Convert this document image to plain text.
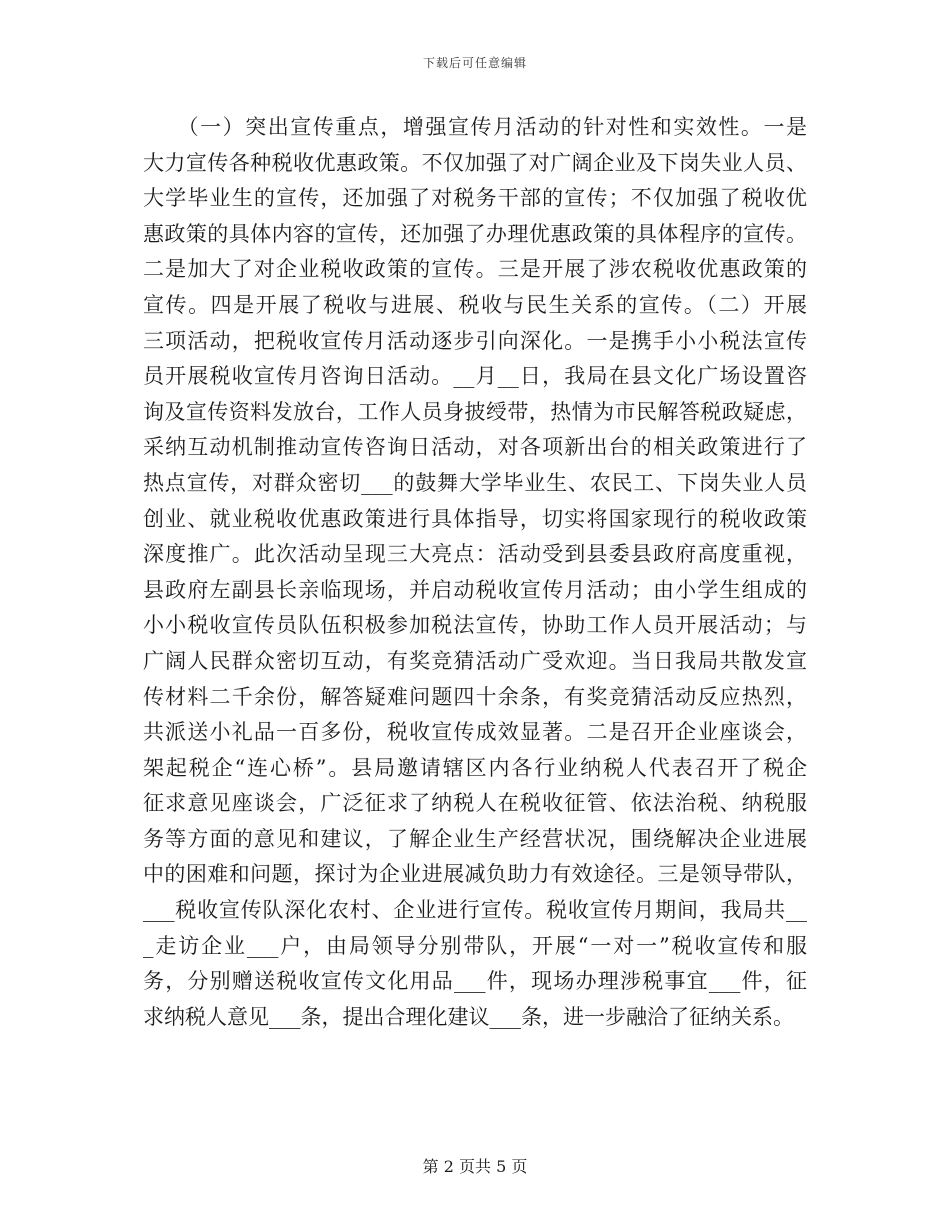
下载后可任意编辑
　　（一）突出宣传重点，增强宣传月活动的针对性和实效性。一是
大力宣传各种税收优惠政策。不仅加强了对广阔企业及下岗失业人员、
大学毕业生的宣传，还加强了对税务干部的宣传；不仅加强了税收优
惠政策的具体内容的宣传，还加强了办理优惠政策的具体程序的宣传。
二是加大了对企业税收政策的宣传。三是开展了涉农税收优惠政策的
宣传。四是开展了税收与进展、税收与民生关系的宣传。（二）开展
三项活动，把税收宣传月活动逐步引向深化。一是携手小小税法宣传
员开展税收宣传月咨询日活动。__月__日，我局在县文化广场设置咨
询及宣传资料发放台，工作人员身披绶带，热情为市民解答税政疑虑，
采纳互动机制推动宣传咨询日活动，对各项新出台的相关政策进行了
热点宣传，对群众密切___的鼓舞大学毕业生、农民工、下岗失业人员
创业、就业税收优惠政策进行具体指导，切实将国家现行的税收政策
深度推广。此次活动呈现三大亮点：活动受到县委县政府高度重视，
县政府左副县长亲临现场，并启动税收宣传月活动；由小学生组成的
小小税收宣传员队伍积极参加税法宣传，协助工作人员开展活动；与
广阔人民群众密切互动，有奖竞猜活动广受欢迎。当日我局共散发宣
传材料二千余份，解答疑难问题四十余条，有奖竞猜活动反应热烈，
共派送小礼品一百多份，税收宣传成效显著。二是召开企业座谈会，
架起税企“连心桥”。县局邀请辖区内各行业纳税人代表召开了税企
征求意见座谈会，广泛征求了纳税人在税收征管、依法治税、纳税服
务等方面的意见和建议，了解企业生产经营状况，围绕解决企业进展
中的困难和问题，探讨为企业进展减负助力有效途径。三是领导带队，
___税收宣传队深化农村、企业进行宣传。税收宣传月期间，我局共__
_走访企业___户，由局领导分别带队，开展“一对一”税收宣传和服
务，分别赠送税收宣传文化用品___件，现场办理涉税事宜___件，征
求纳税人意见___条，提出合理化建议___条，进一步融洽了征纳关系。
第 2 页共 5 页
